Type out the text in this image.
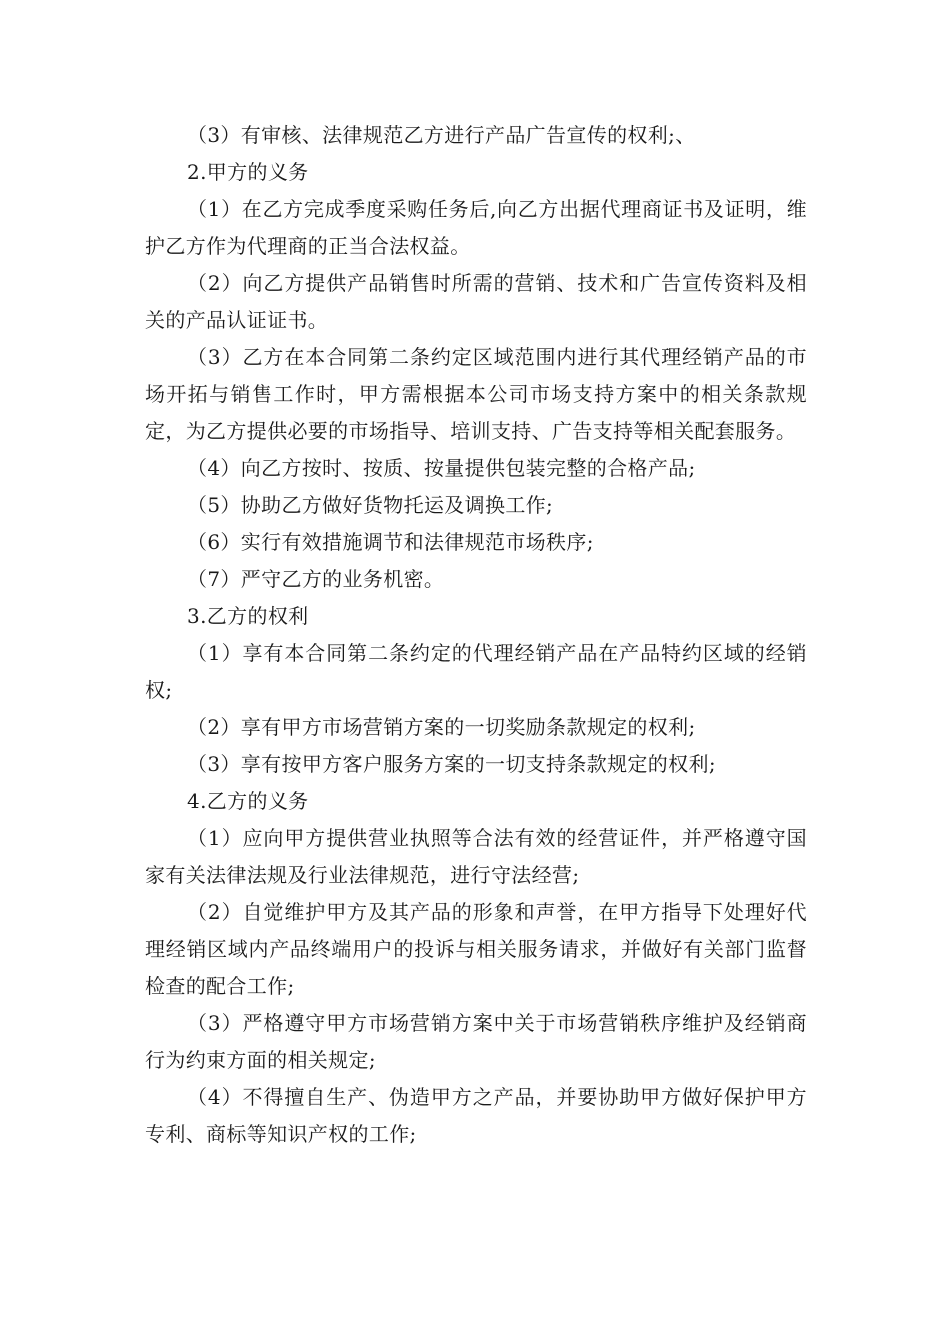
（3）有审核、法律规范乙方进行产品广告宣传的权利;、

2.甲方的义务

（1）在乙方完成季度采购任务后,向乙方出据代理商证书及证明，维护乙方作为代理商的正当合法权益。

（2）向乙方提供产品销售时所需的营销、技术和广告宣传资料及相关的产品认证证书。

（3）乙方在本合同第二条约定区域范围内进行其代理经销产品的市场开拓与销售工作时，甲方需根据本公司市场支持方案中的相关条款规定，为乙方提供必要的市场指导、培训支持、广告支持等相关配套服务。

（4）向乙方按时、按质、按量提供包装完整的合格产品;

（5）协助乙方做好货物托运及调换工作;

（6）实行有效措施调节和法律规范市场秩序;

（7）严守乙方的业务机密。

3.乙方的权利

（1）享有本合同第二条约定的代理经销产品在产品特约区域的经销权;

（2）享有甲方市场营销方案的一切奖励条款规定的权利;

（3）享有按甲方客户服务方案的一切支持条款规定的权利;

4.乙方的义务

（1）应向甲方提供营业执照等合法有效的经营证件，并严格遵守国家有关法律法规及行业法律规范，进行守法经营;

（2）自觉维护甲方及其产品的形象和声誉，在甲方指导下处理好代理经销区域内产品终端用户的投诉与相关服务请求，并做好有关部门监督检查的配合工作;

（3）严格遵守甲方市场营销方案中关于市场营销秩序维护及经销商行为约束方面的相关规定;

（4）不得擅自生产、伪造甲方之产品，并要协助甲方做好保护甲方专利、商标等知识产权的工作;
